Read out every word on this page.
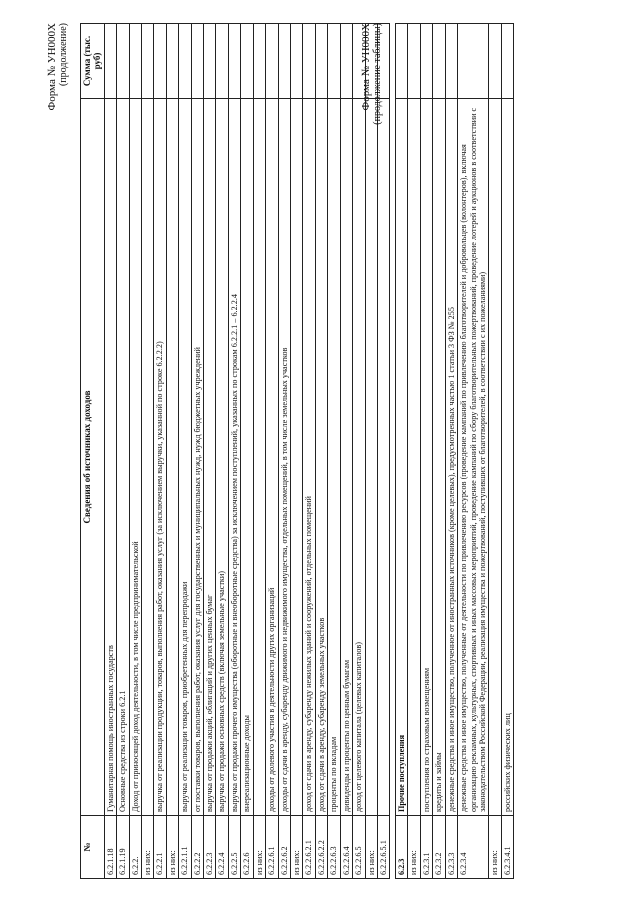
Форма № УН000Х (продолжение)
№	Сведения об источниках доходов	Сумма (тыс. руб)
6.2.1.18	Гуманитарная помощь иностранных государств	
6.2.1.19	Основные средства из строки 6.2.1	
6.2.2.	Доход от приносящей доход деятельности, в том числе предпринимательской	
из них:		
6.2.2.1	выручка от реализации продукции, товаров, выполнения работ, оказания услуг (за исключением выручки, указанной по строке 6.2.2.2)	
из них:		
6.2.2.1.1	выручка от реализации товаров, приобретенных для перепродажи	
6.2.2.2	от поставки товаров, выполнения работ, оказания услуг для государственных и муниципальных нужд, нужд бюджетных учреждений	
6.2.2.3	выручка от продажи акций, облигаций и других ценных бумаг	
6.2.2.4	выручка от продажи основных средств (включая земельные участки)	
6.2.2.5	выручка от продажи прочего имущества (оборотные и внеоборотные средства) за исключением поступлений, указанных по строкам 6.2.2.1 – 6.2.2.4	
6.2.2.6	внереализационные доходы	
из них:		
6.2.2.6.1	доходы от долевого участия в деятельности других организаций	
6.2.2.6.2	доходы от сдачи в аренду, субаренду движимого и недвижимого имущества, отдельных помещений, в том числе земельных участков	
из них:		
6.2.2.6.2.1	доход от сдачи в аренду, субаренду нежилых зданий и сооружений, отдельных помещений	
6.2.2.6.2.2	доход от сдачи в аренду, субаренду земельных участков	
6.2.2.6.3	проценты по вкладам	
6.2.2.6.4	дивиденды и проценты по ценным бумагам	
6.2.2.6.5	доход от целевого капитала (целевых капиталов)	
из них:		
6.2.2.6.5.1		
Форма № УН000Х (продолжение таблицы)
6.2.3	Прочие поступления	
из них:		
6.2.3.1	поступления по страховым возмещениям	
6.2.3.2	кредиты и займы	
6.2.3.3	денежные средства и иное имущество, полученное от иностранных источников (кроме целевых), предусмотренных частью 1 статьи 3 ФЗ № 255	
6.2.3.4	денежные средства и иное имущество, полученные от деятельности по привлечению ресурсов (проведение кампаний по привлечению благотворителей и добровольцев (волонтеров), включая организацию рекламных, культурных, спортивных и иных массовых мероприятий, проведение кампаний по сбору благотворительных пожертвований, проведение лотерей и аукционов в соответствии с законодательством Российской Федерации, реализация имущества и пожертвований, поступивших от благотворителей, в соответствии с их пожеланиями)	
из них:		
6.2.3.4.1	российских физических лиц	
